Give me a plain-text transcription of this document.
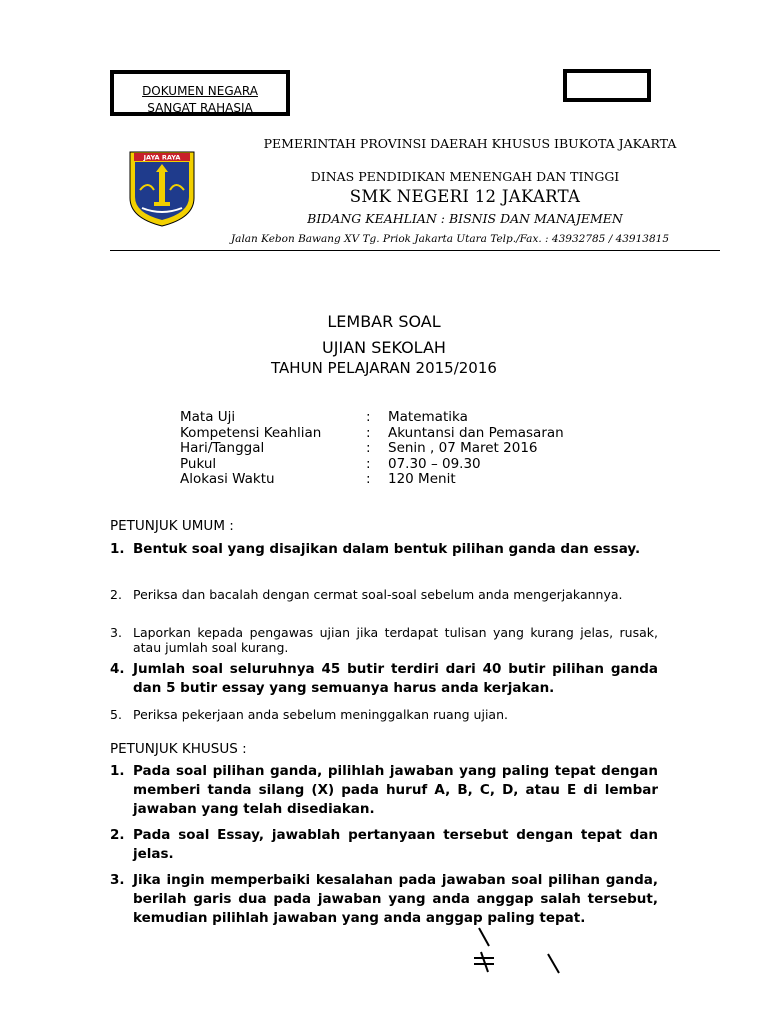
DOKUMEN NEGARA
SANGAT RAHASIA
JAYA RAYA
PEMERINTAH PROVINSI DAERAH KHUSUS IBUKOTA JAKARTA
DINAS PENDIDIKAN MENENGAH DAN TINGGI
SMK NEGERI 12 JAKARTA
BIDANG KEAHLIAN : BISNIS DAN MANAJEMEN
Jalan Kebon Bawang XV Tg. Priok Jakarta Utara Telp./Fax. : 43932785 / 43913815
LEMBAR SOAL
UJIAN SEKOLAH
TAHUN PELAJARAN 2015/2016
Mata Uji	:	Matematika
Kompetensi Keahlian	:	Akuntansi dan Pemasaran
Hari/Tanggal	:	Senin , 07 Maret 2016
Pukul	:	07.30 – 09.30
Alokasi Waktu	:	120 Menit
PETUNJUK UMUM :
1. Bentuk soal yang disajikan dalam bentuk pilihan ganda dan essay.
2. Periksa dan bacalah dengan cermat soal-soal sebelum anda mengerjakannya.
3. Laporkan kepada pengawas ujian jika terdapat tulisan yang kurang jelas, rusak, atau jumlah soal kurang.
4. Jumlah soal seluruhnya 45 butir terdiri dari 40 butir pilihan ganda dan 5 butir essay yang semuanya harus anda kerjakan.
5. Periksa pekerjaan anda sebelum meninggalkan ruang ujian.
PETUNJUK KHUSUS :
1. Pada soal pilihan ganda, pilihlah jawaban yang paling tepat dengan memberi tanda silang (X) pada huruf A, B, C, D, atau E di lembar jawaban yang telah disediakan.
2. Pada soal Essay, jawablah pertanyaan tersebut dengan tepat dan jelas.
3. Jika ingin memperbaiki kesalahan pada jawaban soal pilihan ganda, berilah garis dua pada jawaban yang anda anggap salah tersebut, kemudian pilihlah jawaban yang anda anggap paling tepat.
